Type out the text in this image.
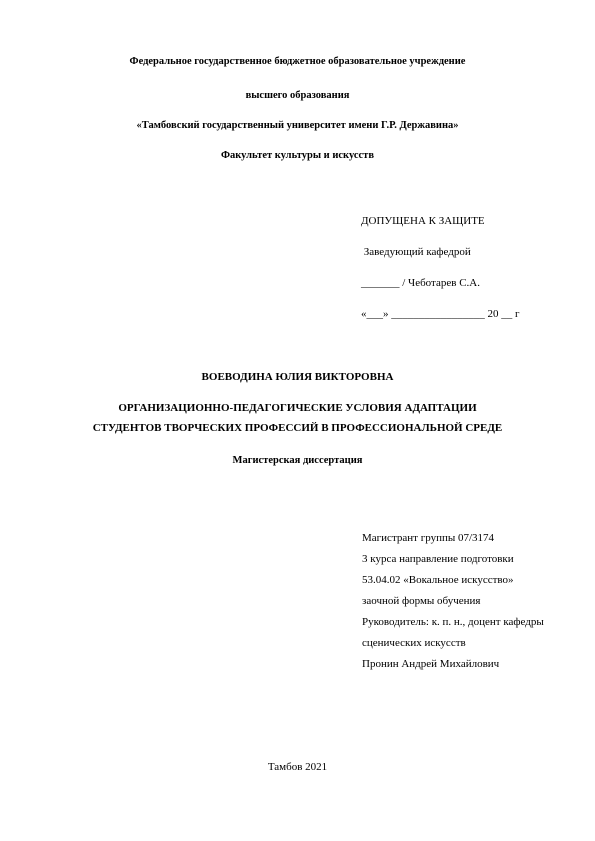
Федеральное государственное бюджетное образовательное учреждение
высшего образования
«Тамбовский государственный университет имени Г.Р. Державина»
Факультет культуры и искусств
ДОПУЩЕНА К ЗАЩИТЕ
Заведующий кафедрой
_______ / Чеботарев С.А.
«___» _________________ 20 __ г
ВОЕВОДИНА ЮЛИЯ ВИКТОРОВНА
ОРГАНИЗАЦИОННО-ПЕДАГОГИЧЕСКИЕ УСЛОВИЯ АДАПТАЦИИ
СТУДЕНТОВ ТВОРЧЕСКИХ ПРОФЕССИЙ В ПРОФЕССИОНАЛЬНОЙ СРЕДЕ
Магистерская диссертация
Магистрант группы 07/3174
3 курса направление подготовки
53.04.02 «Вокальное искусство»
заочной формы обучения
Руководитель: к. п. н., доцент кафедры
сценических искусств
Пронин Андрей Михайлович
Тамбов 2021
